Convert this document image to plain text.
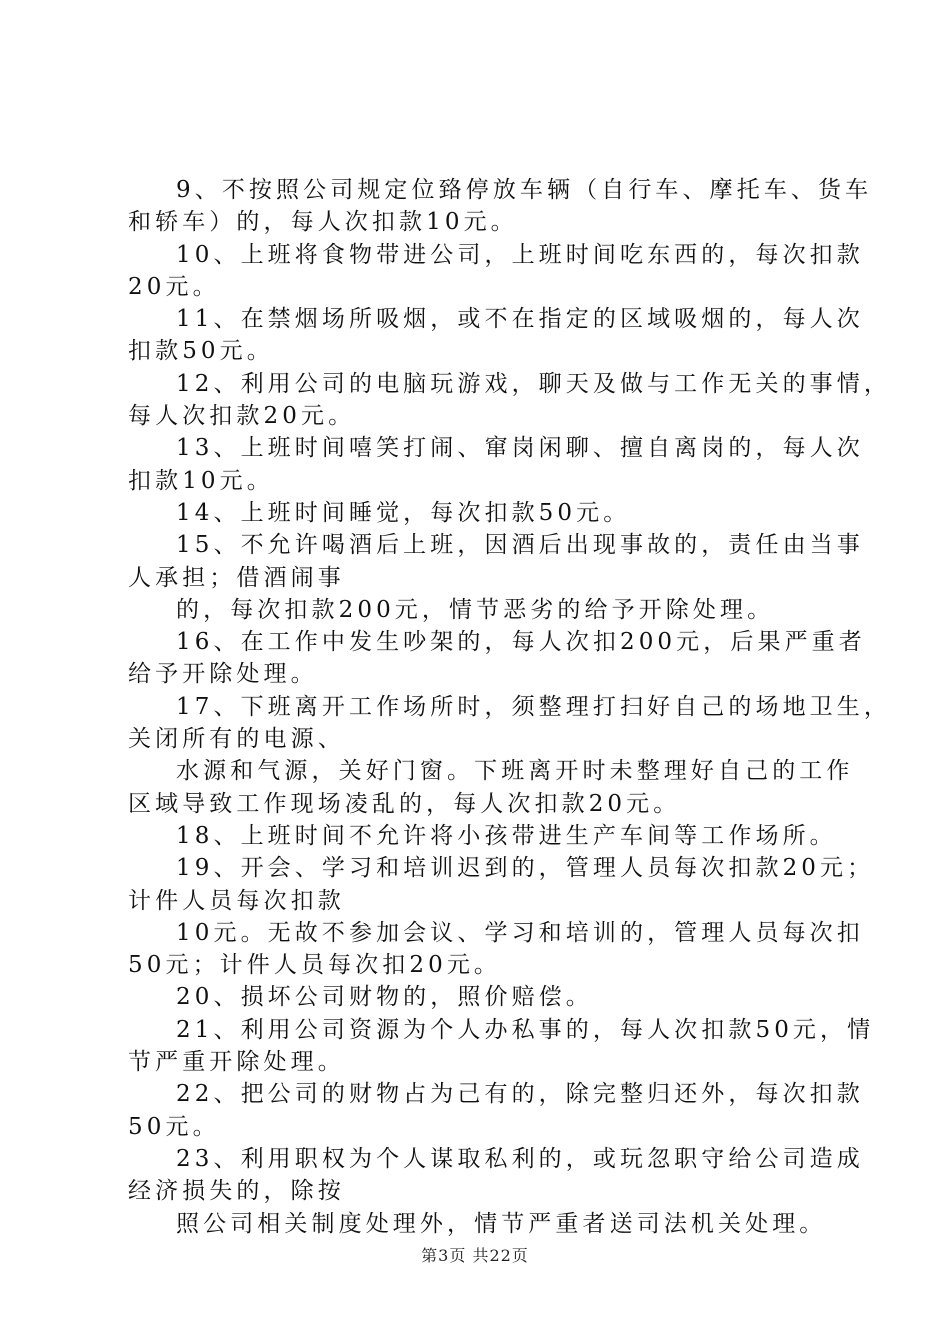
9、不按照公司规定位臵停放车辆（自行车、摩托车、货车
和轿车）的，每人次扣款10元。
10、上班将食物带进公司，上班时间吃东西的，每次扣款
20元。
11、在禁烟场所吸烟，或不在指定的区域吸烟的，每人次
扣款50元。
12、利用公司的电脑玩游戏，聊天及做与工作无关的事情，
每人次扣款20元。
13、上班时间嘻笑打闹、窜岗闲聊、擅自离岗的，每人次
扣款10元。
14、上班时间睡觉，每次扣款50元。
15、不允许喝酒后上班，因酒后出现事故的，责任由当事
人承担；借酒闹事
的，每次扣款200元，情节恶劣的给予开除处理。
16、在工作中发生吵架的，每人次扣200元，后果严重者
给予开除处理。
17、下班离开工作场所时，须整理打扫好自己的场地卫生，
关闭所有的电源、
水源和气源，关好门窗。下班离开时未整理好自己的工作
区域导致工作现场凌乱的，每人次扣款20元。
18、上班时间不允许将小孩带进生产车间等工作场所。
19、开会、学习和培训迟到的，管理人员每次扣款20元；
计件人员每次扣款
10元。无故不参加会议、学习和培训的，管理人员每次扣
50元；计件人员每次扣20元。
20、损坏公司财物的，照价赔偿。
21、利用公司资源为个人办私事的，每人次扣款50元，情
节严重开除处理。
22、把公司的财物占为己有的，除完整归还外，每次扣款
50元。
23、利用职权为个人谋取私利的，或玩忽职守给公司造成
经济损失的，除按
照公司相关制度处理外，情节严重者送司法机关处理。
第3页 共22页
